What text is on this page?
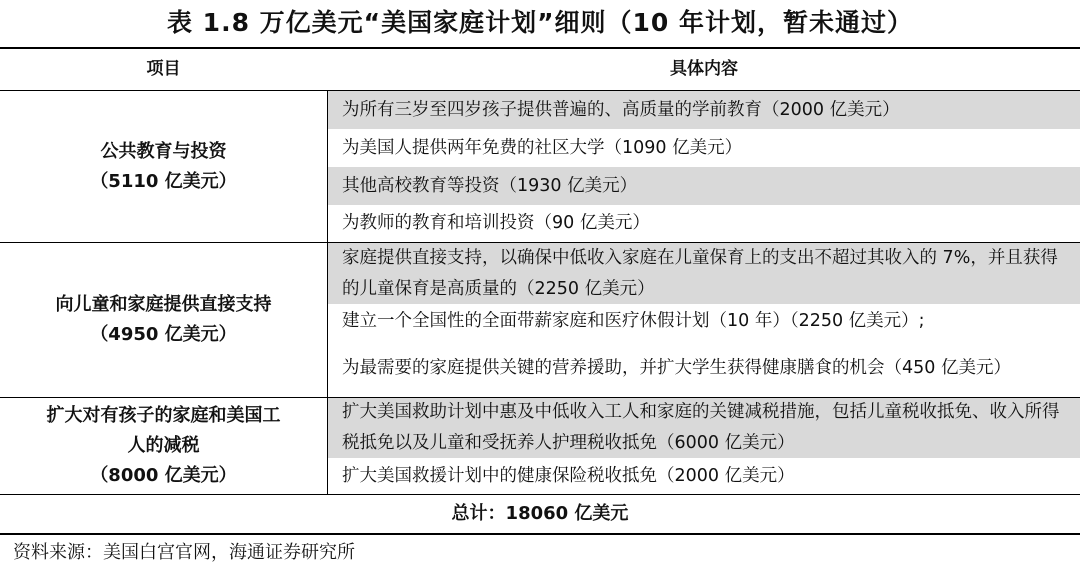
表 1.8 万亿美元“美国家庭计划”细则（10 年计划，暂未通过）
项目	具体内容
公共教育与投资
（5110 亿美元）
为所有三岁至四岁孩子提供普遍的、高质量的学前教育（2000 亿美元）
为美国人提供两年免费的社区大学（1090 亿美元）
其他高校教育等投资（1930 亿美元）
为教师的教育和培训投资（90 亿美元）
向儿童和家庭提供直接支持
（4950 亿美元）
家庭提供直接支持，以确保中低收入家庭在儿童保育上的支出不超过其收入的 7%，并且获得的儿童保育是高质量的（2250 亿美元）
建立一个全国性的全面带薪家庭和医疗休假计划（10 年）（2250 亿美元）;
为最需要的家庭提供关键的营养援助，并扩大学生获得健康膳食的机会（450 亿美元）
扩大对有孩子的家庭和美国工
人的减税
（8000 亿美元）
扩大美国救助计划中惠及中低收入工人和家庭的关键减税措施，包括儿童税收抵免、收入所得税抵免以及儿童和受抚养人护理税收抵免（6000 亿美元）
扩大美国救援计划中的健康保险税收抵免（2000 亿美元）
总计：18060 亿美元
资料来源：美国白宫官网，海通证券研究所
